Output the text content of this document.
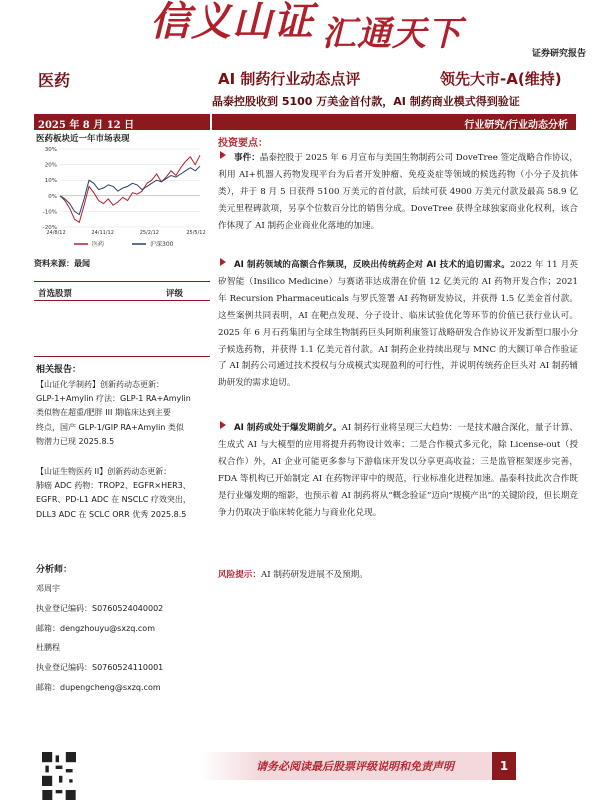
信义山证 汇通天下	证券研究报告
医药	AI 制药行业动态点评	领先大市-A(维持)
晶泰控股收到 5100 万美金首付款，AI 制药商业模式得到验证
2025 年 8 月 12 日	行业研究/行业动态分析
医药板块近一年市场表现
30%
20%
10%
0%
-10%
-20%
24/8/12	24/11/12	25/2/12	25/5/12
医药	沪深300
资料来源：最闻
首选股票	评级
相关报告：
【山证化学制药】创新药动态更新：
GLP-1+Amylin 疗法：GLP-1 RA+Amylin
类似物在超重/肥胖 III 期临床达到主要
终点，国产 GLP-1/GIP RA+Amylin 类似
物潜力已现 2025.8.5
【山证生物医药 II】创新药动态更新：
肺癌 ADC 药物：TROP2、EGFR×HER3、
EGFR、PD-L1 ADC 在 NSCLC 疗效突出，
DLL3 ADC 在 SCLC ORR 优秀 2025.8.5
分析师：
邓周宇
执业登记编码：S0760524040002
邮箱：dengzhouyu@sxzq.com
杜鹏程
执业登记编码：S0760524110001
邮箱：dupengcheng@sxzq.com
投资要点：
事件：晶泰控股于 2025 年 6 月宣布与美国生物制药公司 DoveTree 签定战略合作协议，利用 AI+机器人药物发现平台为后者开发肿瘤、免疫炎症等领域的候选药物（小分子及抗体类），并于 8 月 5 日获得 5100 万美元的首付款，后续可获 4900 万美元付款及最高 58.9 亿美元里程碑款项，另享个位数百分比的销售分成。DoveTree 获得全球独家商业化权利，该合作体现了 AI 制药企业商业化落地的加速。
AI 制药领域的高额合作频现，反映出传统药企对 AI 技术的追切需求。2022 年 11 月英矽智能（Insilico Medicine）与赛诺菲达成潜在价值 12 亿美元的 AI 药物开发合作；2021 年 Recursion Pharmaceuticals 与罗氏签署 AI 药物研发协议，并获得 1.5 亿美金首付款。这些案例共同表明，AI 在靶点发现、分子设计、临床试验优化等环节的价值已获行业认可。2025 年 6 月石药集团与全球生物制药巨头阿斯利康签订战略研发合作协议开发新型口服小分子候选药物，并获得 1.1 亿美元首付款。AI 制药企业持续出现与 MNC 的大额订单合作验证了 AI 制药公司通过技术授权与分成模式实现盈利的可行性，并说明传统药企巨头对 AI 制药辅助研发的需求迫切。
AI 制药或处于爆发期前夕。AI 制药行业将呈现三大趋势：一是技术融合深化，量子计算、生成式 AI 与大模型的应用将提升药物设计效率；二是合作模式多元化，除 License-out（授权合作）外，AI 企业可能更多参与下游临床开发以分享更高收益；三是监管框架逐步完善，FDA 等机构已开始制定 AI 在药物评审中的规范，行业标准化进程加速。晶泰科技此次合作既是行业爆发期的缩影，也预示着 AI 制药将从“概念验证”迈向“规模产出”的关键阶段，但长期竞争力仍取决于临床转化能力与商业化兑现。
风险提示：AI 制药研发进展不及预期。
请务必阅读最后股票评级说明和免责声明	1
